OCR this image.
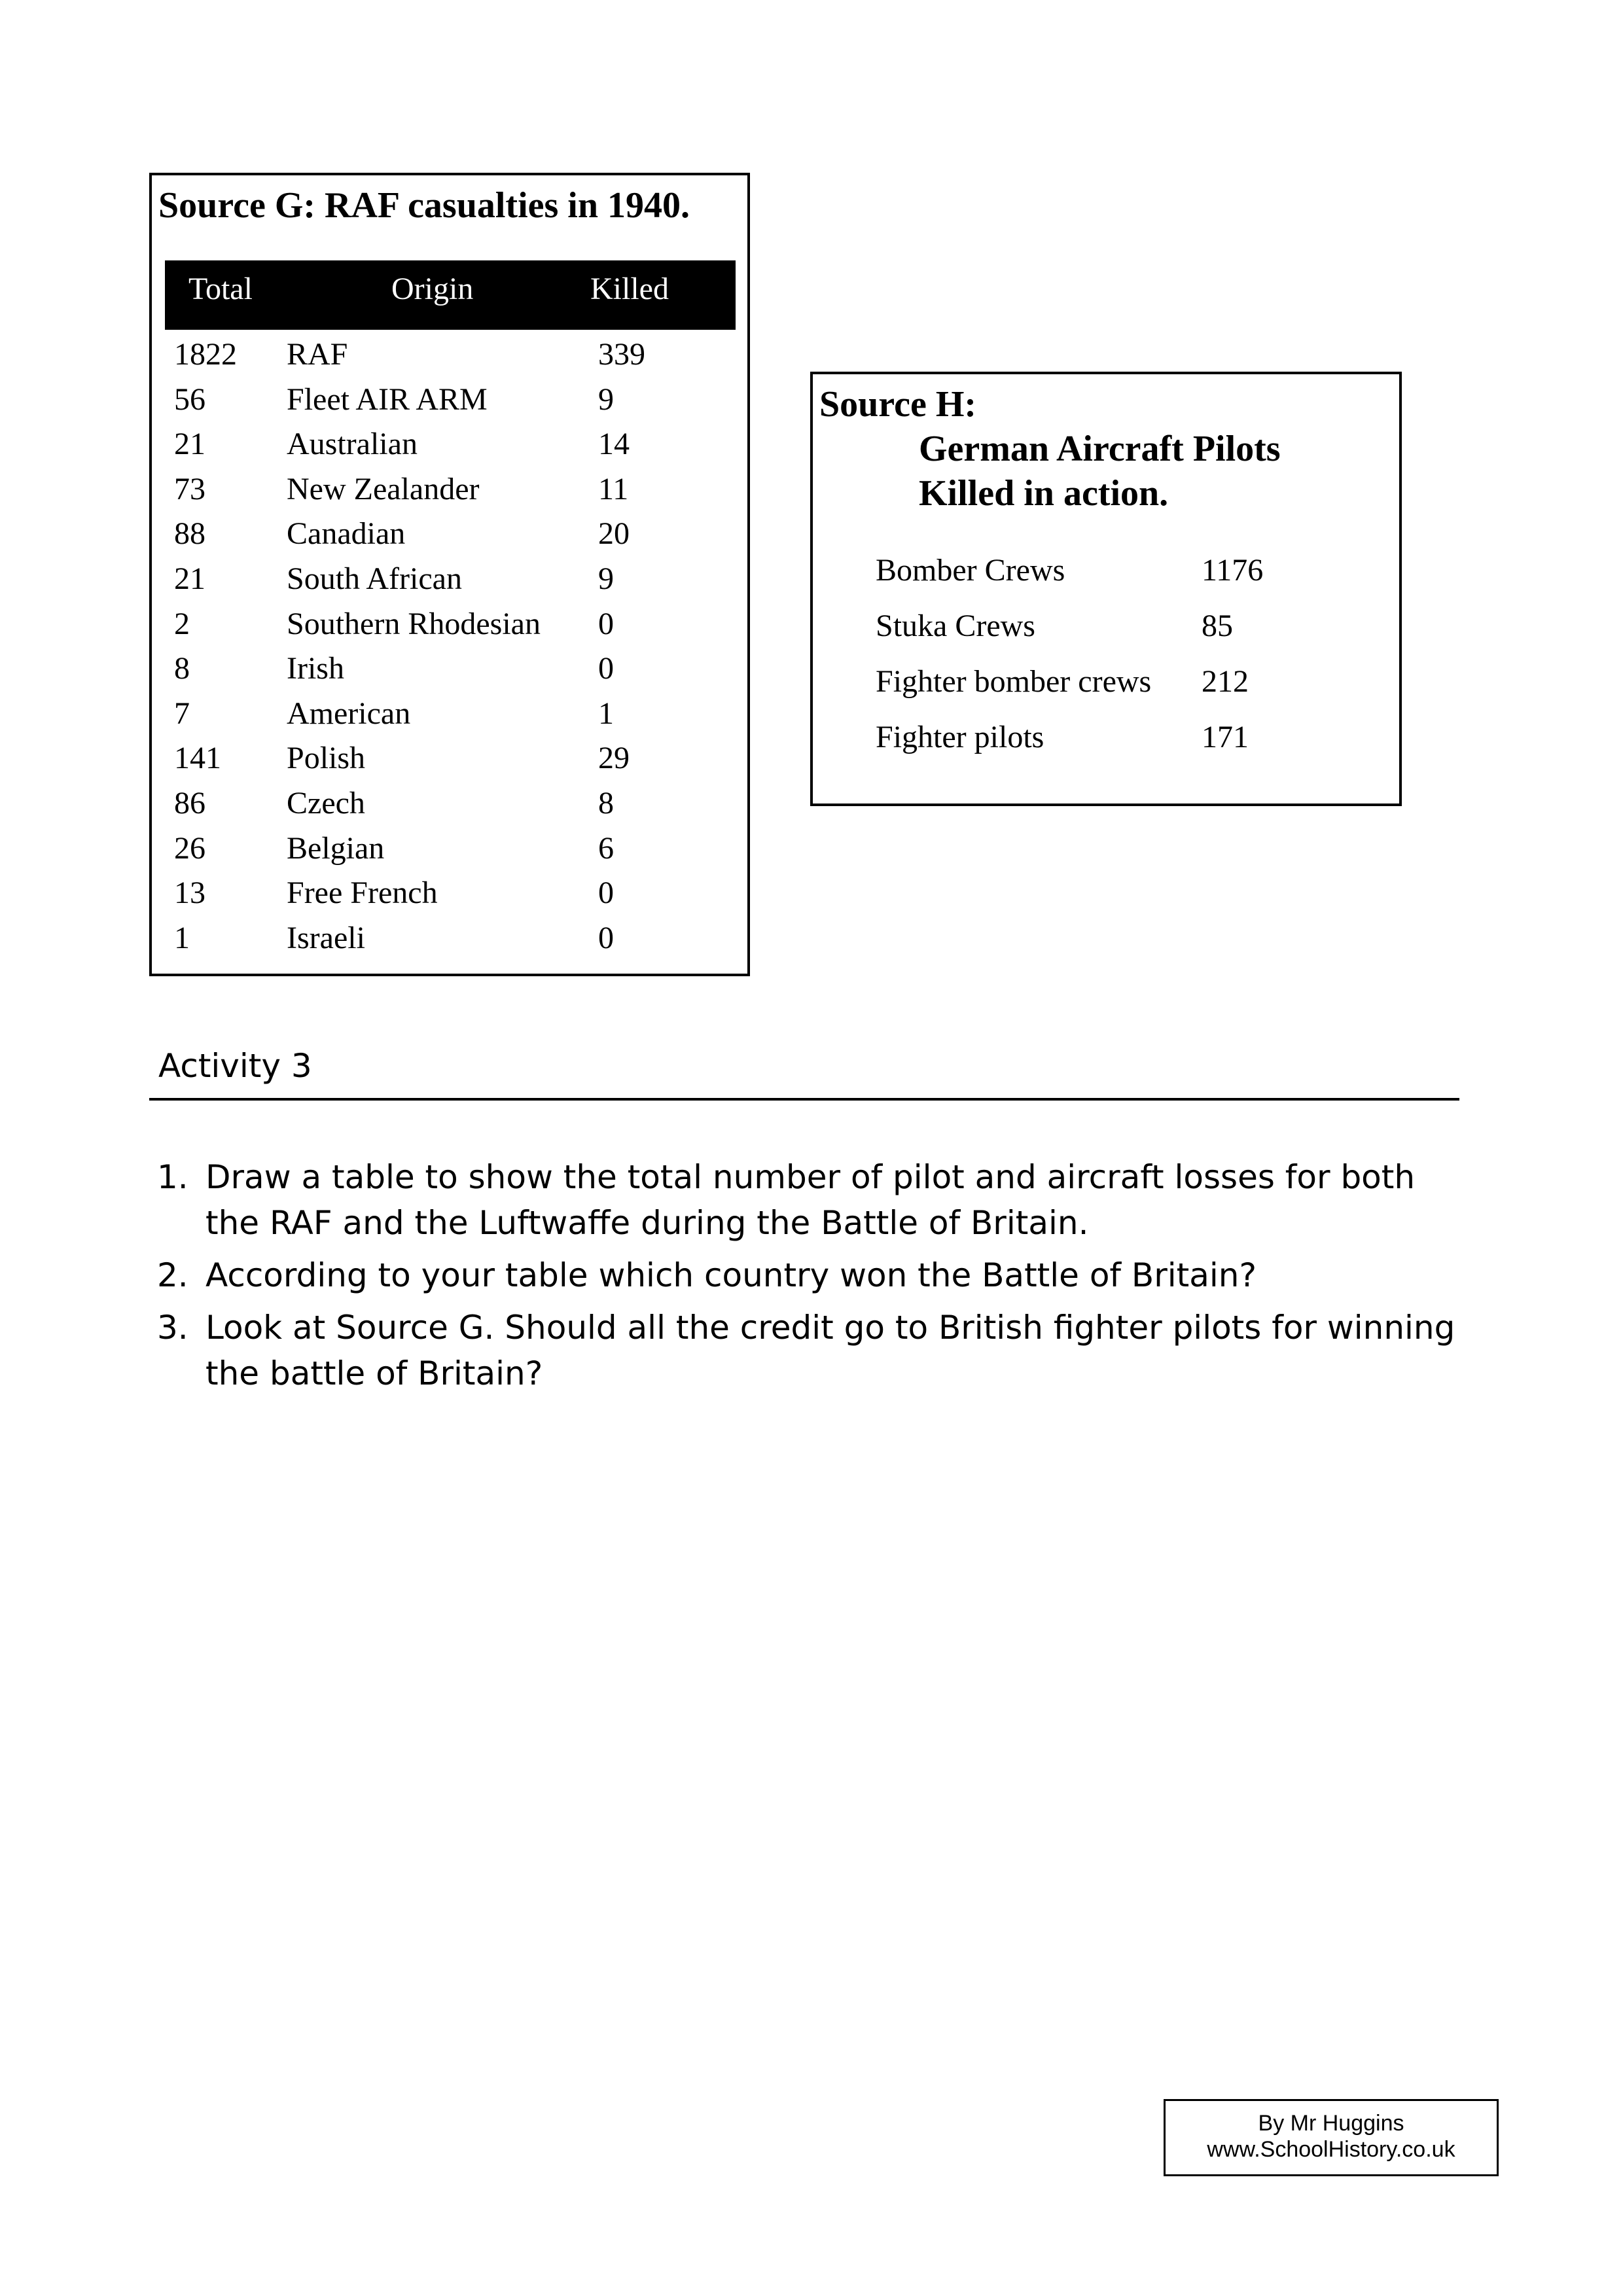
Source G: RAF casualties in 1940.
Total	Origin	Killed
1822 RAF	339
56	Fleet AIR ARM	9
21	Australian	14
73	New Zealander	11
88	Canadian	20
21	South African	9
2	Southern Rhodesian 0
8	Irish	0
7	American	1
141 Polish	29
86	Czech	8
26	Belgian	6
13	Free French	0
1	Israeli	0
Source H:
German Aircraft Pilots
Killed in action.
Bomber Crews	1176
Stuka Crews	85
Fighter bomber crews 212
Fighter pilots	171
Activity 3
1. Draw a table to show the total number of pilot and aircraft losses for both the RAF and the Luftwaffe during the Battle of Britain.
2. According to your table which country won the Battle of Britain?
3. Look at Source G. Should all the credit go to British fighter pilots for winning the battle of Britain?
By Mr Huggins
www.SchoolHistory.co.uk
